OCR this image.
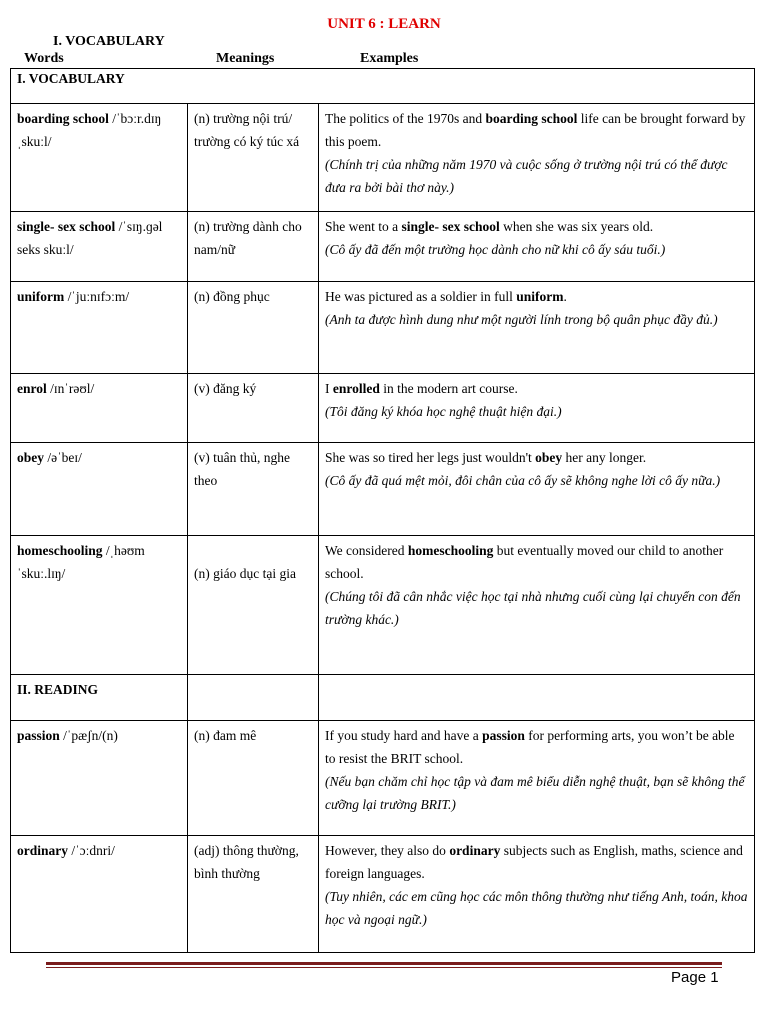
UNIT 6 : LEARN
I. VOCABULARY
Words	Meanings	Examples
I. VOCABULARY		
boarding school /ˈbɔːr.dɪŋ ˌskuːl/	(n) trường nội trú/ trường có ký túc xá	The politics of the 1970s and boarding school life can be brought forward by this poem.
(Chính trị của những năm 1970 và cuộc sống ở trường nội trú có thể được đưa ra bởi bài thơ này.)
single- sex school /ˈsɪŋ.ɡəl seks skuːl/	(n) trường dành cho nam/nữ	She went to a single- sex school when she was six years old.
(Cô ấy đã đến một trường học dành cho nữ khi cô ấy sáu tuổi.)
uniform /ˈjuːnɪfɔːm/	(n) đồng phục	He was pictured as a soldier in full uniform.
(Anh ta được hình dung như một người lính trong bộ quân phục đầy đủ.)
enrol /ɪnˈrəʊl/	(v) đăng ký	I enrolled in the modern art course.
(Tôi đăng ký khóa học nghệ thuật hiện đại.)
obey /əˈbeɪ/	(v) tuân thủ, nghe theo	She was so tired her legs just wouldn't obey her any longer.
(Cô ấy đã quá mệt mỏi, đôi chân của cô ấy sẽ không nghe lời cô ấy nữa.)
homeschooling /ˌhəʊm ˈskuː.lɪŋ/	(n) giáo dục tại gia	We considered homeschooling but eventually moved our child to another school.
(Chúng tôi đã cân nhắc việc học tại nhà nhưng cuối cùng lại chuyển con đến trường khác.)
II. READING		
passion /ˈpæʃn/(n)	(n) đam mê	If you study hard and have a passion for performing arts, you won’t be able to resist the BRIT school.
(Nếu bạn chăm chỉ học tập và đam mê biểu diễn nghệ thuật, bạn sẽ không thể cưỡng lại trường BRIT.)
ordinary /ˈɔːdnri/	(adj) thông thường, bình thường	However, they also do ordinary subjects such as English, maths, science and foreign languages.
(Tuy nhiên, các em cũng học các môn thông thường như tiếng Anh, toán, khoa học và ngoại ngữ.)
Page 1
